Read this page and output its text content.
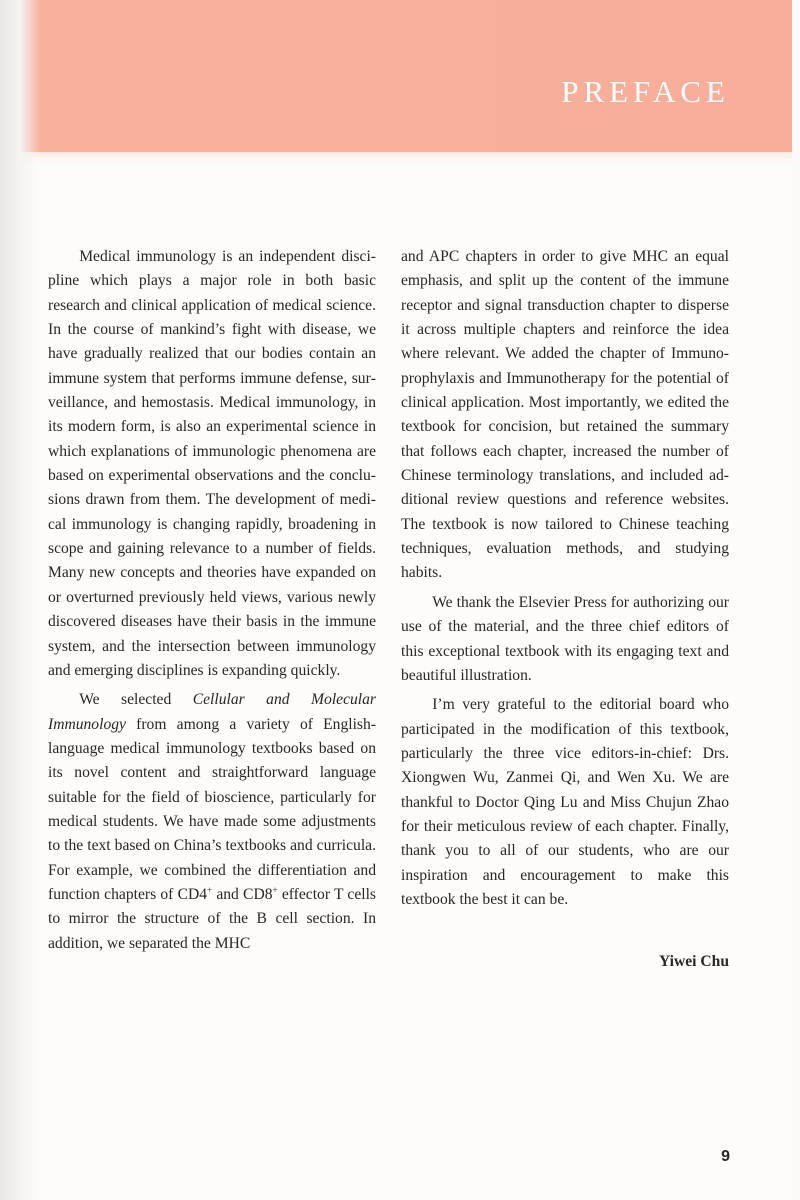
PREFACE

Medical immunology is an independent discipline which plays a major role in both basic research and clinical application of medical science. In the course of mankind’s fight with disease, we have gradually realized that our bodies contain an immune system that performs immune defense, surveillance, and hemostasis. Medical immunology, in its modern form, is also an experimental science in which explanations of immunologic phenomena are based on experimental observations and the conclusions drawn from them. The development of medical immunology is changing rapidly, broadening in scope and gaining relevance to a number of fields. Many new concepts and theories have expanded on or overturned previously held views, various newly discovered diseases have their basis in the immune system, and the intersection between immunology and emerging disciplines is expanding quickly.

We selected Cellular and Molecular Immunology from among a variety of English-language medical immunology textbooks based on its novel content and straightforward language suitable for the field of bioscience, particularly for medical students. We have made some adjustments to the text based on China’s textbooks and curricula. For example, we combined the differentiation and function chapters of CD4+ and CD8+ effector T cells to mirror the structure of the B cell section. In addition, we separated the MHC

and APC chapters in order to give MHC an equal emphasis, and split up the content of the immune receptor and signal transduction chapter to disperse it across multiple chapters and reinforce the idea where relevant. We added the chapter of Immunoprophylaxis and Immunotherapy for the potential of clinical application. Most importantly, we edited the textbook for concision, but retained the summary that follows each chapter, increased the number of Chinese terminology translations, and included additional review questions and reference websites. The textbook is now tailored to Chinese teaching techniques, evaluation methods, and studying habits.

We thank the Elsevier Press for authorizing our use of the material, and the three chief editors of this exceptional textbook with its engaging text and beautiful illustration.

I’m very grateful to the editorial board who participated in the modification of this textbook, particularly the three vice editors-in-chief: Drs. Xiongwen Wu, Zanmei Qi, and Wen Xu. We are thankful to Doctor Qing Lu and Miss Chujun Zhao for their meticulous review of each chapter. Finally, thank you to all of our students, who are our inspiration and encouragement to make this textbook the best it can be.

Yiwei Chu
9
